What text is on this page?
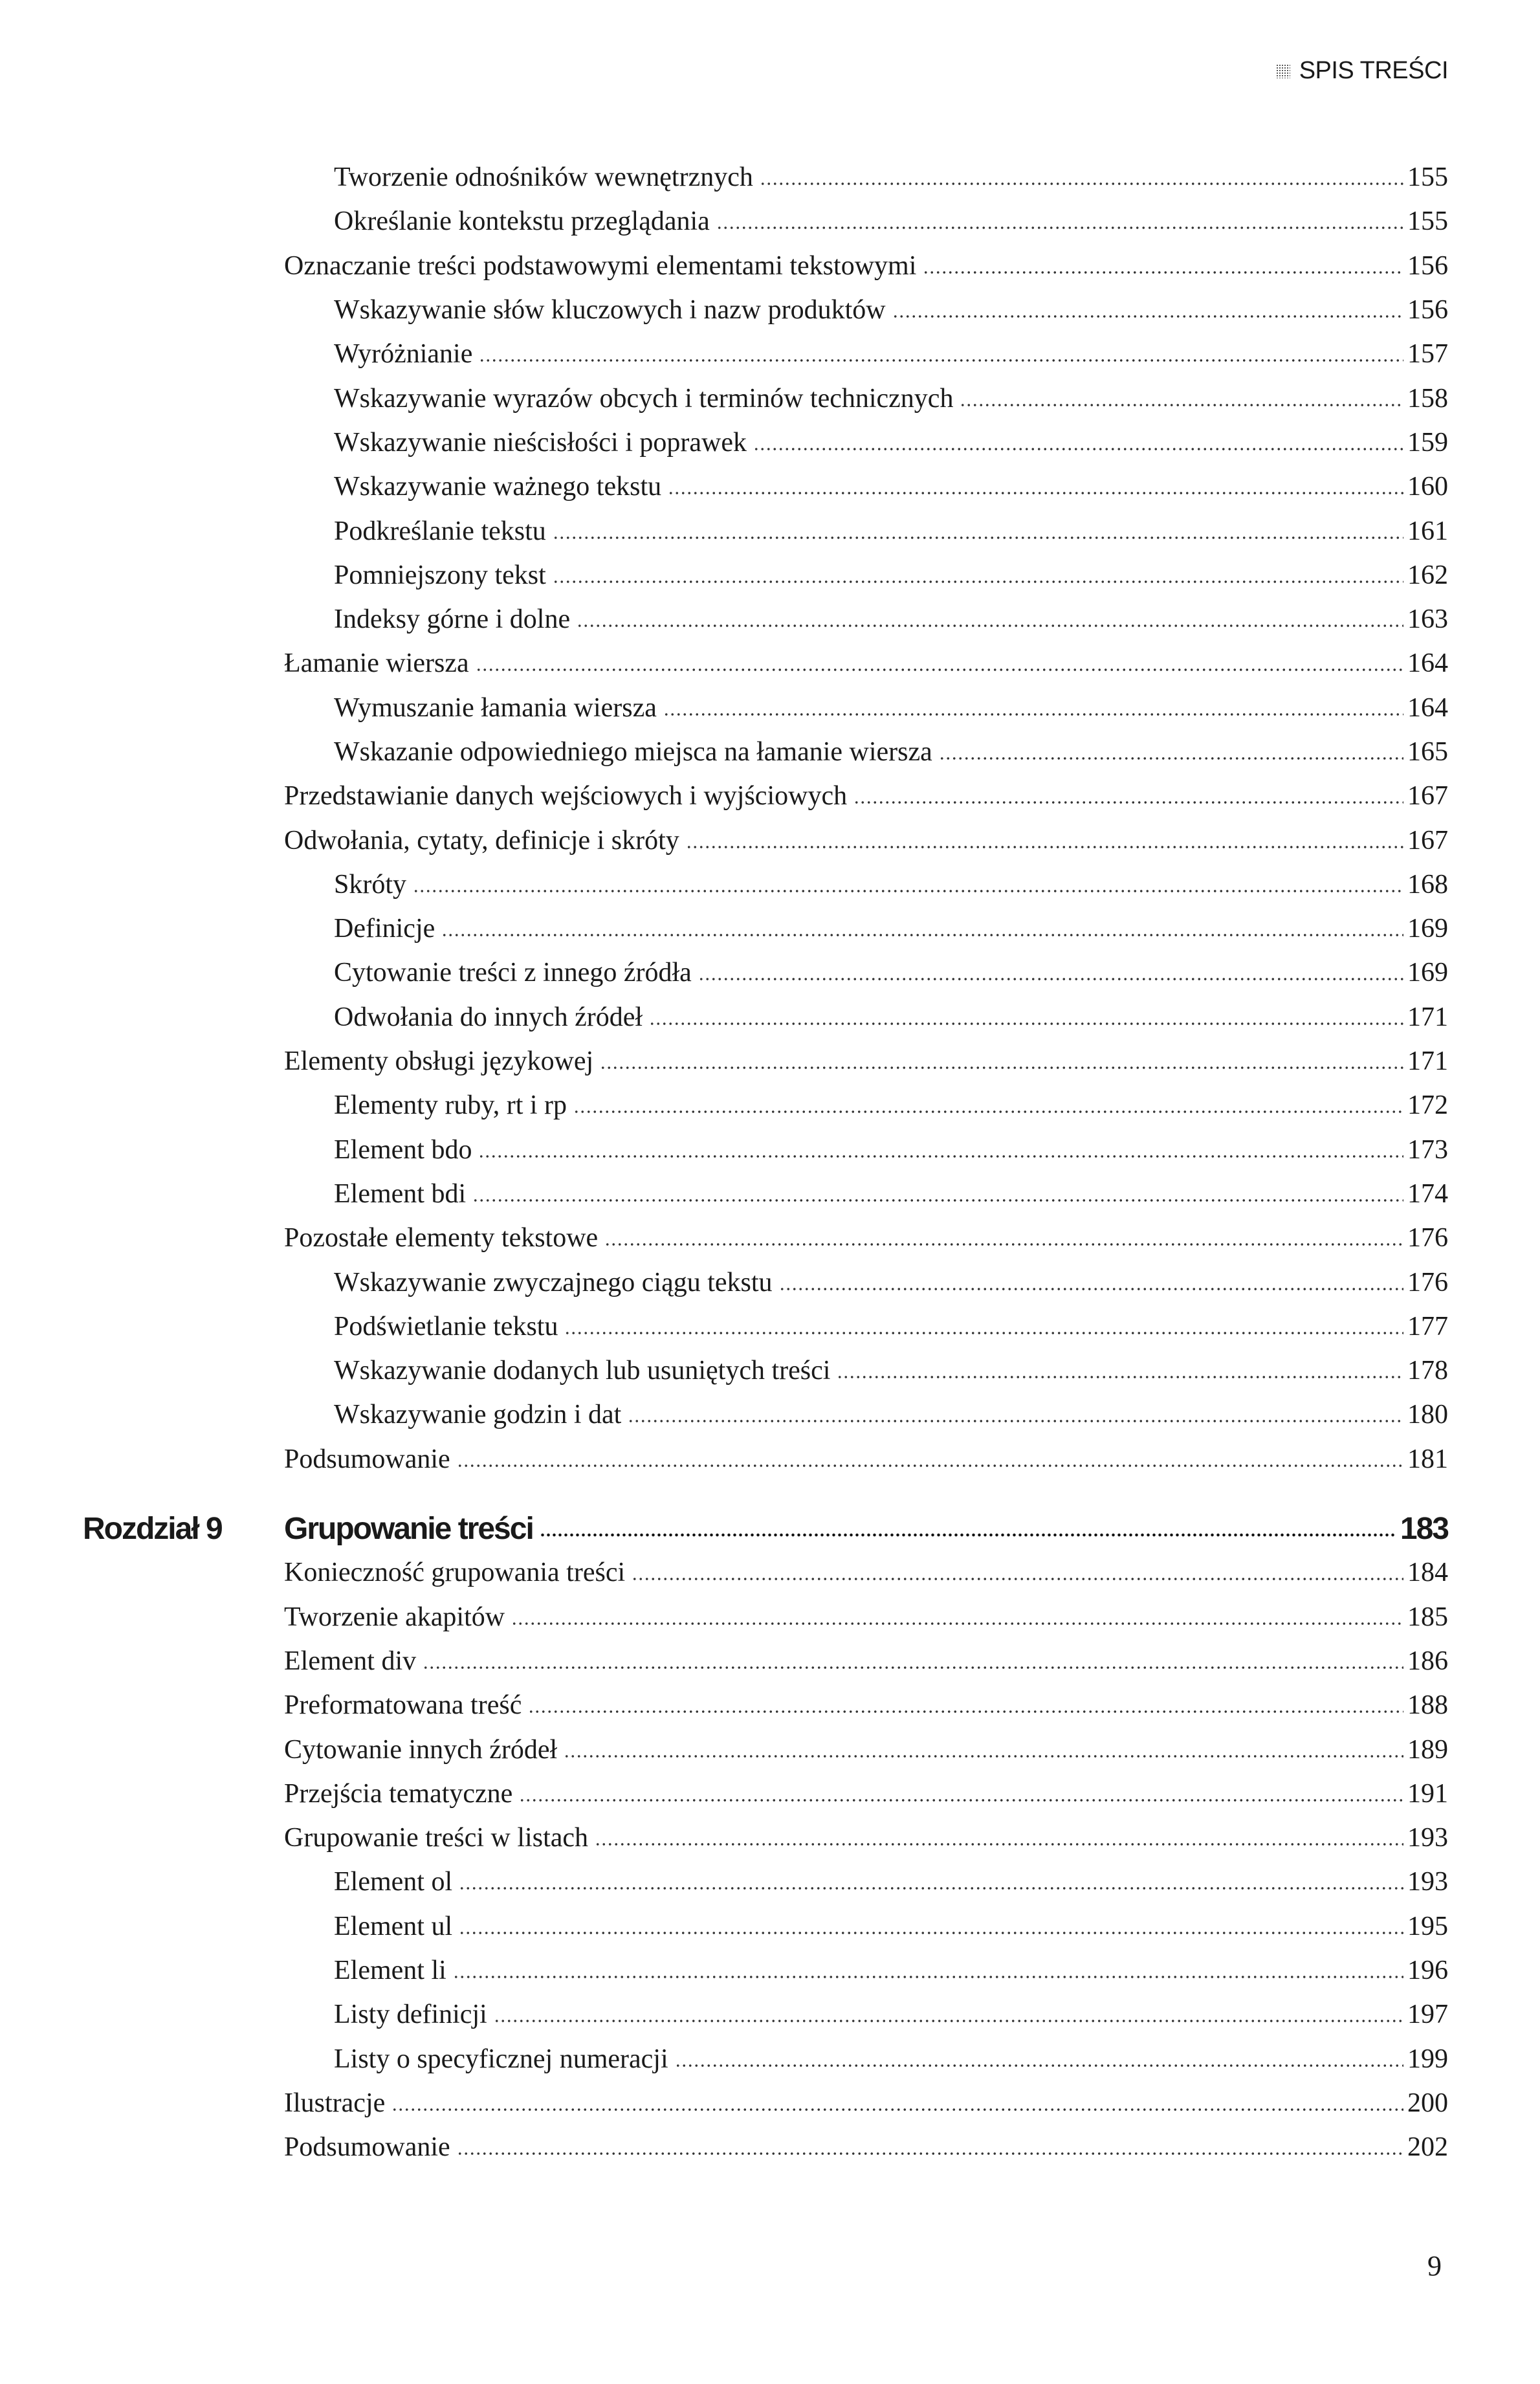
SPIS TREŚCI
Tworzenie odnośników wewnętrznych	155
Określanie kontekstu przeglądania	155
Oznaczanie treści podstawowymi elementami tekstowymi	156
Wskazywanie słów kluczowych i nazw produktów	156
Wyróżnianie	157
Wskazywanie wyrazów obcych i terminów technicznych	158
Wskazywanie nieścisłości i poprawek	159
Wskazywanie ważnego tekstu	160
Podkreślanie tekstu	161
Pomniejszony tekst	162
Indeksy górne i dolne	163
Łamanie wiersza	164
Wymuszanie łamania wiersza	164
Wskazanie odpowiedniego miejsca na łamanie wiersza	165
Przedstawianie danych wejściowych i wyjściowych	167
Odwołania, cytaty, definicje i skróty	167
Skróty	168
Definicje	169
Cytowanie treści z innego źródła	169
Odwołania do innych źródeł	171
Elementy obsługi językowej	171
Elementy ruby, rt i rp	172
Element bdo	173
Element bdi	174
Pozostałe elementy tekstowe	176
Wskazywanie zwyczajnego ciągu tekstu	176
Podświetlanie tekstu	177
Wskazywanie dodanych lub usuniętych treści	178
Wskazywanie godzin i dat	180
Podsumowanie	181
Rozdział 9 Grupowanie treści	183
Konieczność grupowania treści	184
Tworzenie akapitów	185
Element div	186
Preformatowana treść	188
Cytowanie innych źródeł	189
Przejścia tematyczne	191
Grupowanie treści w listach	193
Element ol	193
Element ul	195
Element li	196
Listy definicji	197
Listy o specyficznej numeracji	199
Ilustracje	200
Podsumowanie	202
9
